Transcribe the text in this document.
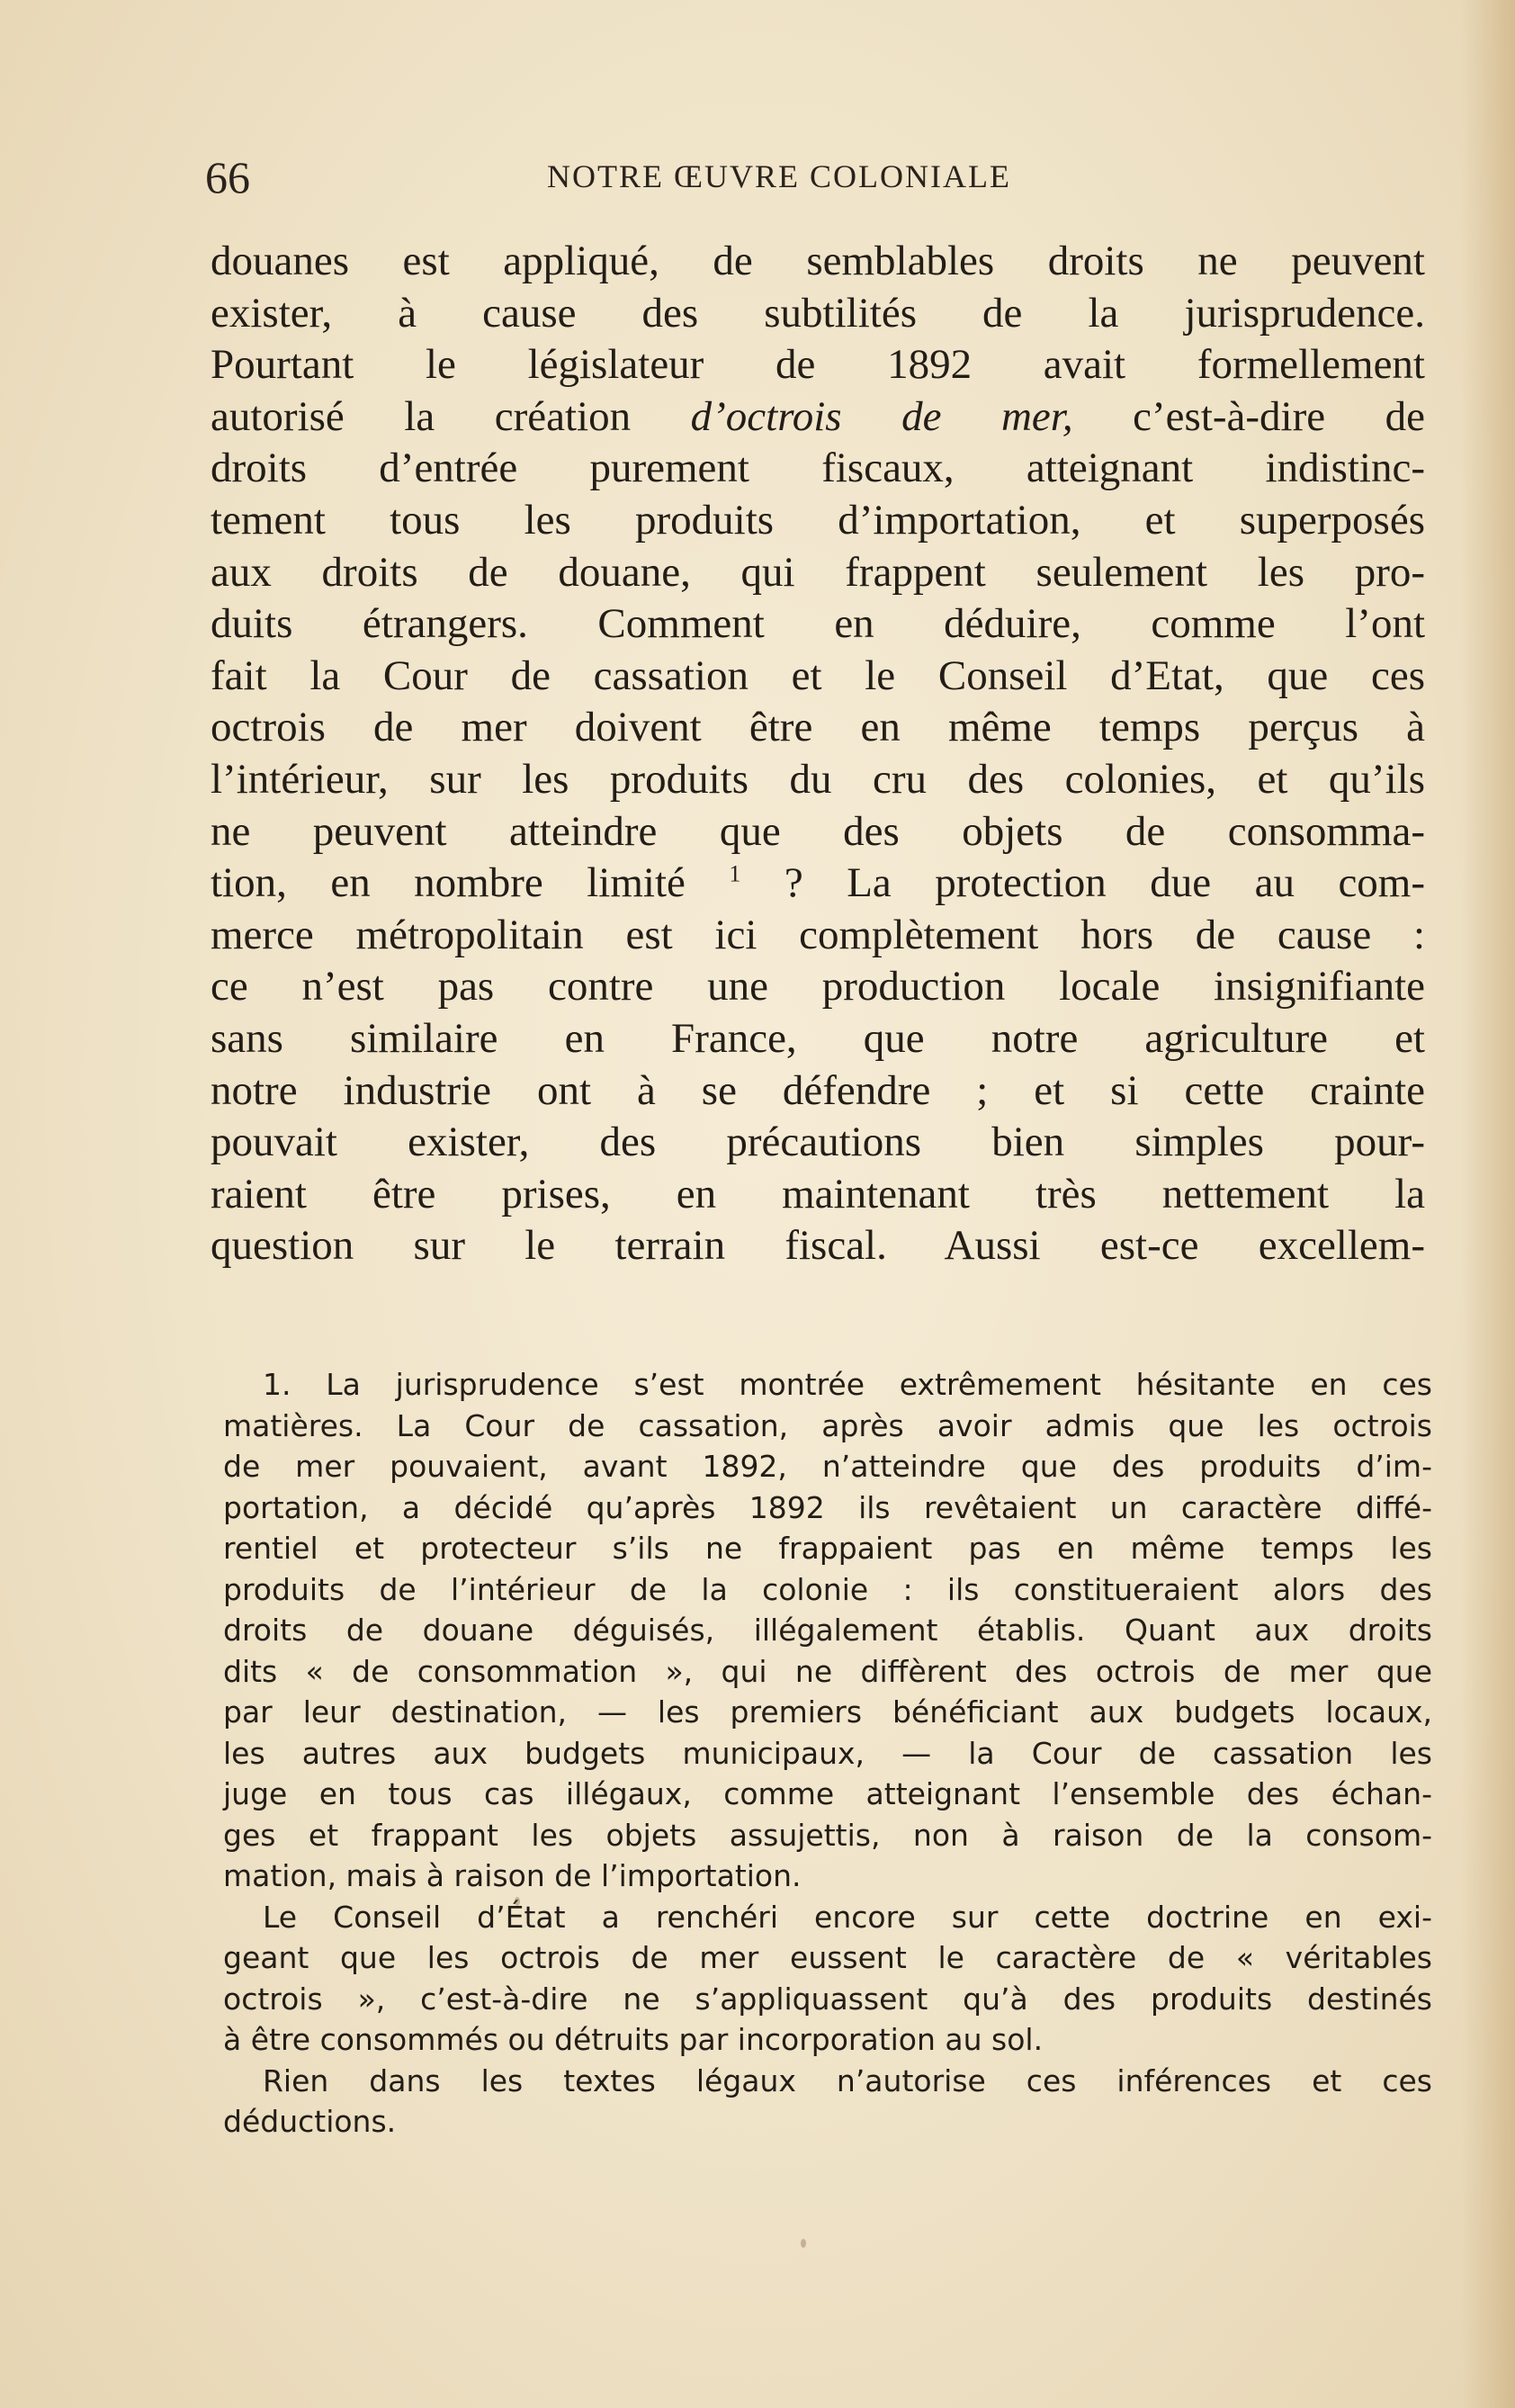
66	NOTRE ŒUVRE COLONIALE
douanes est appliqué, de semblables droits ne peuvent
exister, à cause des subtilités de la jurisprudence.
Pourtant le législateur de 1892 avait formellement
autorisé la création d’octrois de mer, c’est-à-dire de
droits d’entrée purement fiscaux, atteignant indistinc-
tement tous les produits d’importation, et superposés
aux droits de douane, qui frappent seulement les pro-
duits étrangers. Comment en déduire, comme l’ont
fait la Cour de cassation et le Conseil d’Etat, que ces
octrois de mer doivent être en même temps perçus à
l’intérieur, sur les produits du cru des colonies, et qu’ils
ne peuvent atteindre que des objets de consomma-
tion, en nombre limité $^1$ ? La protection due au com-
merce métropolitain est ici complètement hors de cause :
ce n’est pas contre une production locale insignifiante
sans similaire en France, que notre agriculture et
notre industrie ont à se défendre ; et si cette crainte
pouvait exister, des précautions bien simples pour-
raient être prises, en maintenant très nettement la
question sur le terrain fiscal. Aussi est-ce excellem-
1. La jurisprudence s’est montrée extrêmement hésitante en ces
matières. La Cour de cassation, après avoir admis que les octrois
de mer pouvaient, avant 1892, n’atteindre que des produits d’im-
portation, a décidé qu’après 1892 ils revêtaient un caractère diffé-
rentiel et protecteur s’ils ne frappaient pas en même temps les
produits de l’intérieur de la colonie : ils constitueraient alors des
droits de douane déguisés, illégalement établis. Quant aux droits
dits « de consommation », qui ne diffèrent des octrois de mer que
par leur destination, — les premiers bénéficiant aux budgets locaux,
les autres aux budgets municipaux, — la Cour de cassation les
juge en tous cas illégaux, comme atteignant l’ensemble des échan-
ges et frappant les objets assujettis, non à raison de la consom-
mation, mais à raison de l’importation.
Le Conseil d’État a renchéri encore sur cette doctrine en exi-
geant que les octrois de mer eussent le caractère de « véritables
octrois », c’est-à-dire ne s’appliquassent qu’à des produits destinés
à être consommés ou détruits par incorporation au sol.
Rien dans les textes légaux n’autorise ces inférences et ces
déductions.
